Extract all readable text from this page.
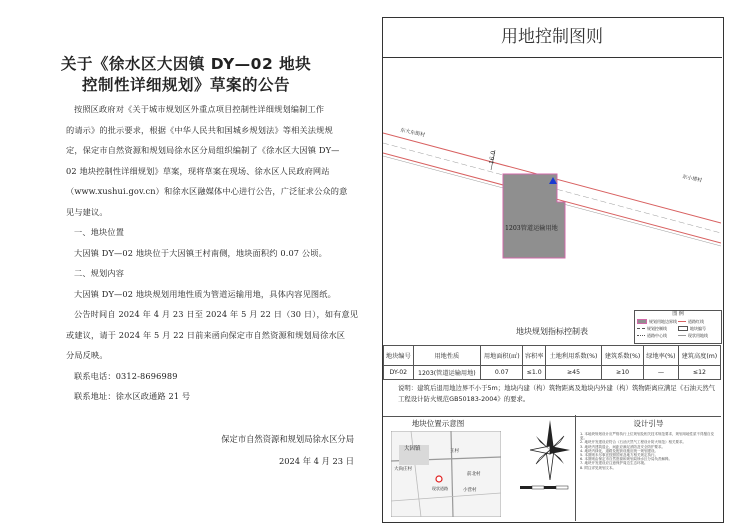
关于《徐水区大因镇 DY—02 地块
控制性详细规划》草案的公告
按照区政府对《关于城市规划区外重点项目控制性详细规划编制工作
的请示》的批示要求，根据《中华人民共和国城乡规划法》等相关法规规
定，保定市自然资源和规划局徐水区分局组织编制了《徐水区大因镇 DY—
02 地块控制性详细规划》草案，现将草案在现场、徐水区人民政府网站
（www.xushui.gov.cn）和徐水区融媒体中心进行公告，广泛征求公众的意
见与建议。
一、地块位置
大因镇 DY—02 地块位于大因镇王村南侧，地块面积约 0.07 公顷。
二、规划内容
大因镇 DY—02 地块规划用地性质为管道运输用地，具体内容见图纸。
公告时间自 2024 年 4 月 23 日至 2024 年 5 月 22 日（30 日），如有意见
或建议，请于 2024 年 5 月 22 日前来函向保定市自然资源和规划局徐水区
分局反映。
联系电话：0312-8696989
联系地址：徐水区政通路 21 号
保定市自然资源和规划局徐水区分局
2024 年 4 月 23 日
用地控制图则
东大东街村
东小塔村
16.0
1203管道运输用地
图 例
规划用地边界线	道路红线
规划控制线	地块编号
道路中心线	现状用地线
地块规划指标控制表
地块编号	用地性质	用地面积(㎡)	容积率	土地利用系数(%)	建筑系数(%)	绿地率(%)	建筑高度(m)
DY-02	1203(管道运输用地)	0.07	≤1.0	≥45	≥10	—	≤12
说明：建筑后退用地边界不小于5m；地块内建（构）筑物距离及地块内外建（构）筑物距离应满足《石油天然气工程设计防火规范GB50183-2004》的要求。
地块位置示意图
大因镇	王村
大尚庄村
前北村
小营村
现状道路
设计引导
1. 本地块规划设计应严格执行上位规划及相关技术规范要求，规划用地性质不得擅自变更。
2. 地块开发建设应符合《石油天然气工程设计防火规范》相关要求。
3. 地块内建筑退让、间距应满足消防及安全防护要求。
4. 地块内绿化、道路及配套设施应统一规划建设。
5. 本图则未尽事宜按照国家及地方相关规定执行。
6. 本图则由保定市自然资源和规划局徐水区分局负责解释。
7. 地块开发建设应注意保护周边生态环境。
8. 附注详见规划文本。
